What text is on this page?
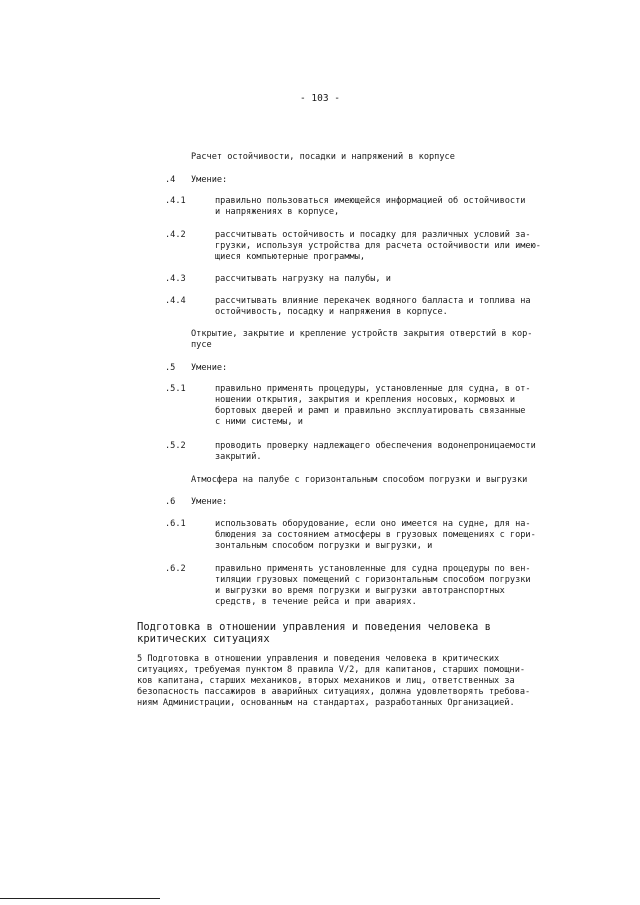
- 103 -
Расчет остойчивости, посадки и напряжений в корпусе
.4 Умение:
.4.1	правильно пользоваться имеющейся информацией об остойчивости
и напряжениях в корпусе,
.4.2	рассчитывать остойчивость и посадку для различных условий за-
грузки, используя устройства для расчета остойчивости или имею-
щиеся компьютерные программы,
.4.3	рассчитывать нагрузку на палубы, и
.4.4	рассчитывать влияние перекачек водяного балласта и топлива на
остойчивость, посадку и напряжения в корпусе.
Открытие, закрытие и крепление устройств закрытия отверстий в кор-
пусе
.5 Умение:
.5.1	правильно применять процедуры, установленные для судна, в от-
ношении открытия, закрытия и крепления носовых, кормовых и
бортовых дверей и рамп и правильно эксплуатировать связанные
с ними системы, и
.5.2	проводить проверку надлежащего обеспечения водонепроницаемости
закрытий.
Атмосфера на палубе с горизонтальным способом погрузки и выгрузки
.6 Умение:
.6.1	использовать оборудование, если оно имеется на судне, для на-
блюдения за состоянием атмосферы в грузовых помещениях с гори-
зонтальным способом погрузки и выгрузки, и
.6.2	правильно применять установленные для судна процедуры по вен-
тиляции грузовых помещений с горизонтальным способом погрузки
и выгрузки во время погрузки и выгрузки автотранспортных
средств, в течение рейса и при авариях.
Подготовка в отношении управления и поведения человека в
критических ситуациях
5 Подготовка в отношении управления и поведения человека в критических
ситуациях, требуемая пунктом 8 правила V/2, для капитанов, старших помощни-
ков капитана, старших механиков, вторых механиков и лиц, ответственных за
безопасность пассажиров в аварийных ситуациях, должна удовлетворять требова-
ниям Администрации, основанным на стандартах, разработанных Организацией.
